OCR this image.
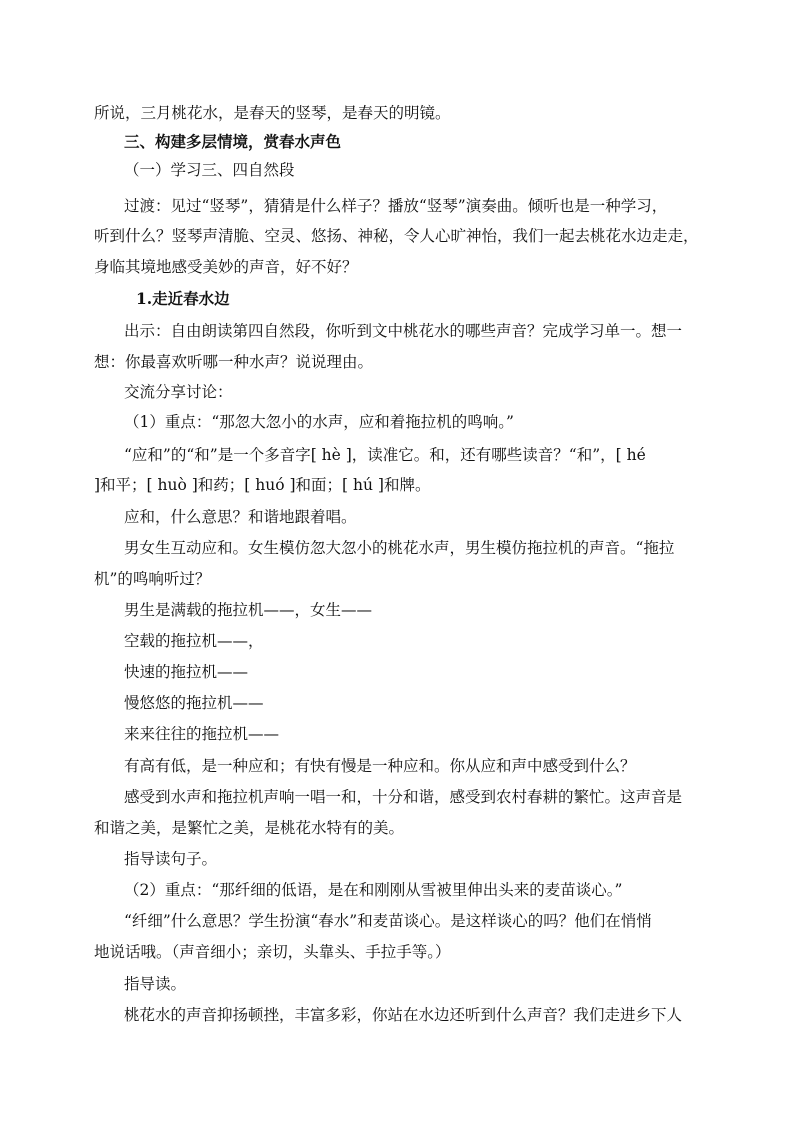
所说，三月桃花水，是春天的竖琴，是春天的明镜。
三、构建多层情境，赏春水声色
（一）学习三、四自然段
过渡：见过“竖琴”，猜猜是什么样子？播放“竖琴”演奏曲。倾听也是一种学习，
听到什么？竖琴声清脆、空灵、悠扬、神秘，令人心旷神怡，我们一起去桃花水边走走，
身临其境地感受美妙的声音，好不好？
1.走近春水边
出示：自由朗读第四自然段，你听到文中桃花水的哪些声音？完成学习单一。想一
想：你最喜欢听哪一种水声？说说理由。
交流分享讨论：
（1）重点：“那忽大忽小的水声，应和着拖拉机的鸣响。”
“应和”的“和”是一个多音字[ hè ]，读准它。和，还有哪些读音？“和”，[ hé
]和平；[ huò ]和药；[ huó ]和面；[ hú ]和牌。
应和，什么意思？和谐地跟着唱。
男女生互动应和。女生模仿忽大忽小的桃花水声，男生模仿拖拉机的声音。“拖拉
机”的鸣响听过？
男生是满载的拖拉机——，女生——
空载的拖拉机——，
快速的拖拉机——
慢悠悠的拖拉机——
来来往往的拖拉机——
有高有低，是一种应和；有快有慢是一种应和。你从应和声中感受到什么？
感受到水声和拖拉机声响一唱一和，十分和谐，感受到农村春耕的繁忙。这声音是
和谐之美，是繁忙之美，是桃花水特有的美。
指导读句子。
（2）重点：“那纤细的低语，是在和刚刚从雪被里伸出头来的麦苗谈心。”
“纤细”什么意思？学生扮演“春水”和麦苗谈心。是这样谈心的吗？他们在悄悄
地说话哦。（声音细小；亲切，头靠头、手拉手等。）
指导读。
桃花水的声音抑扬顿挫，丰富多彩，你站在水边还听到什么声音？我们走进乡下人
